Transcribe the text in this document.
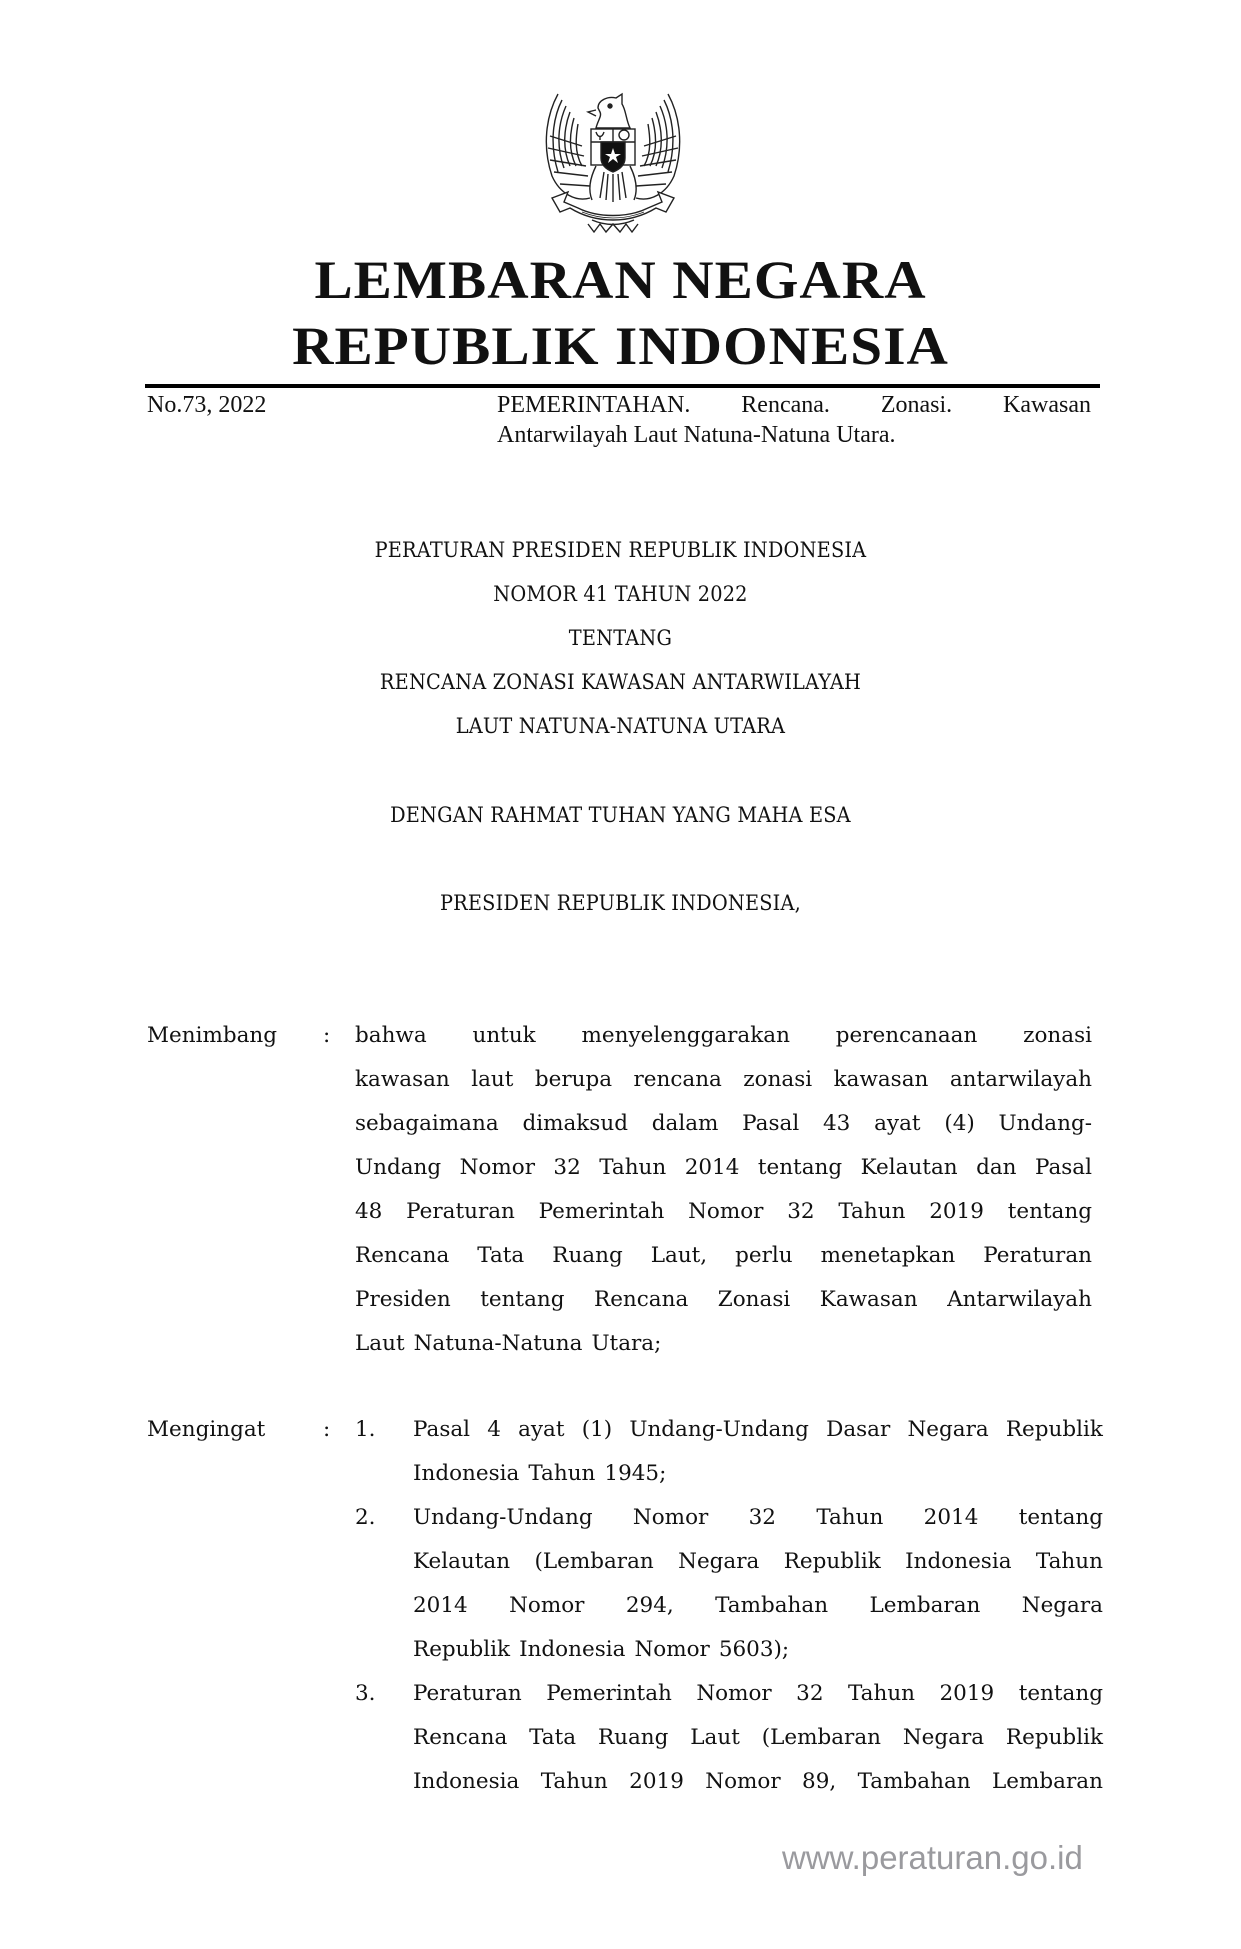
LEMBARAN NEGARA
REPUBLIK INDONESIA
No.73, 2022	PEMERINTAHAN. Rencana. Zonasi. Kawasan
Antarwilayah Laut Natuna-Natuna Utara.
PERATURAN PRESIDEN REPUBLIK INDONESIA
NOMOR 41 TAHUN 2022
TENTANG
RENCANA ZONASI KAWASAN ANTARWILAYAH
LAUT NATUNA-NATUNA UTARA
DENGAN RAHMAT TUHAN YANG MAHA ESA
PRESIDEN REPUBLIK INDONESIA,
Menimbang : bahwa untuk menyelenggarakan perencanaan zonasi
kawasan laut berupa rencana zonasi kawasan antarwilayah
sebagaimana dimaksud dalam Pasal 43 ayat (4) Undang-
Undang Nomor 32 Tahun 2014 tentang Kelautan dan Pasal
48 Peraturan Pemerintah Nomor 32 Tahun 2019 tentang
Rencana Tata Ruang Laut, perlu menetapkan Peraturan
Presiden tentang Rencana Zonasi Kawasan Antarwilayah
Laut Natuna-Natuna Utara;
Mengingat	: 1. Pasal 4 ayat (1) Undang-Undang Dasar Negara Republik
Indonesia Tahun 1945;
2. Undang-Undang Nomor 32 Tahun 2014 tentang
Kelautan (Lembaran Negara Republik Indonesia Tahun
2014 Nomor 294, Tambahan Lembaran Negara
Republik Indonesia Nomor 5603);
3. Peraturan Pemerintah Nomor 32 Tahun 2019 tentang
Rencana Tata Ruang Laut (Lembaran Negara Republik
Indonesia Tahun 2019 Nomor 89, Tambahan Lembaran
www.peraturan.go.id
